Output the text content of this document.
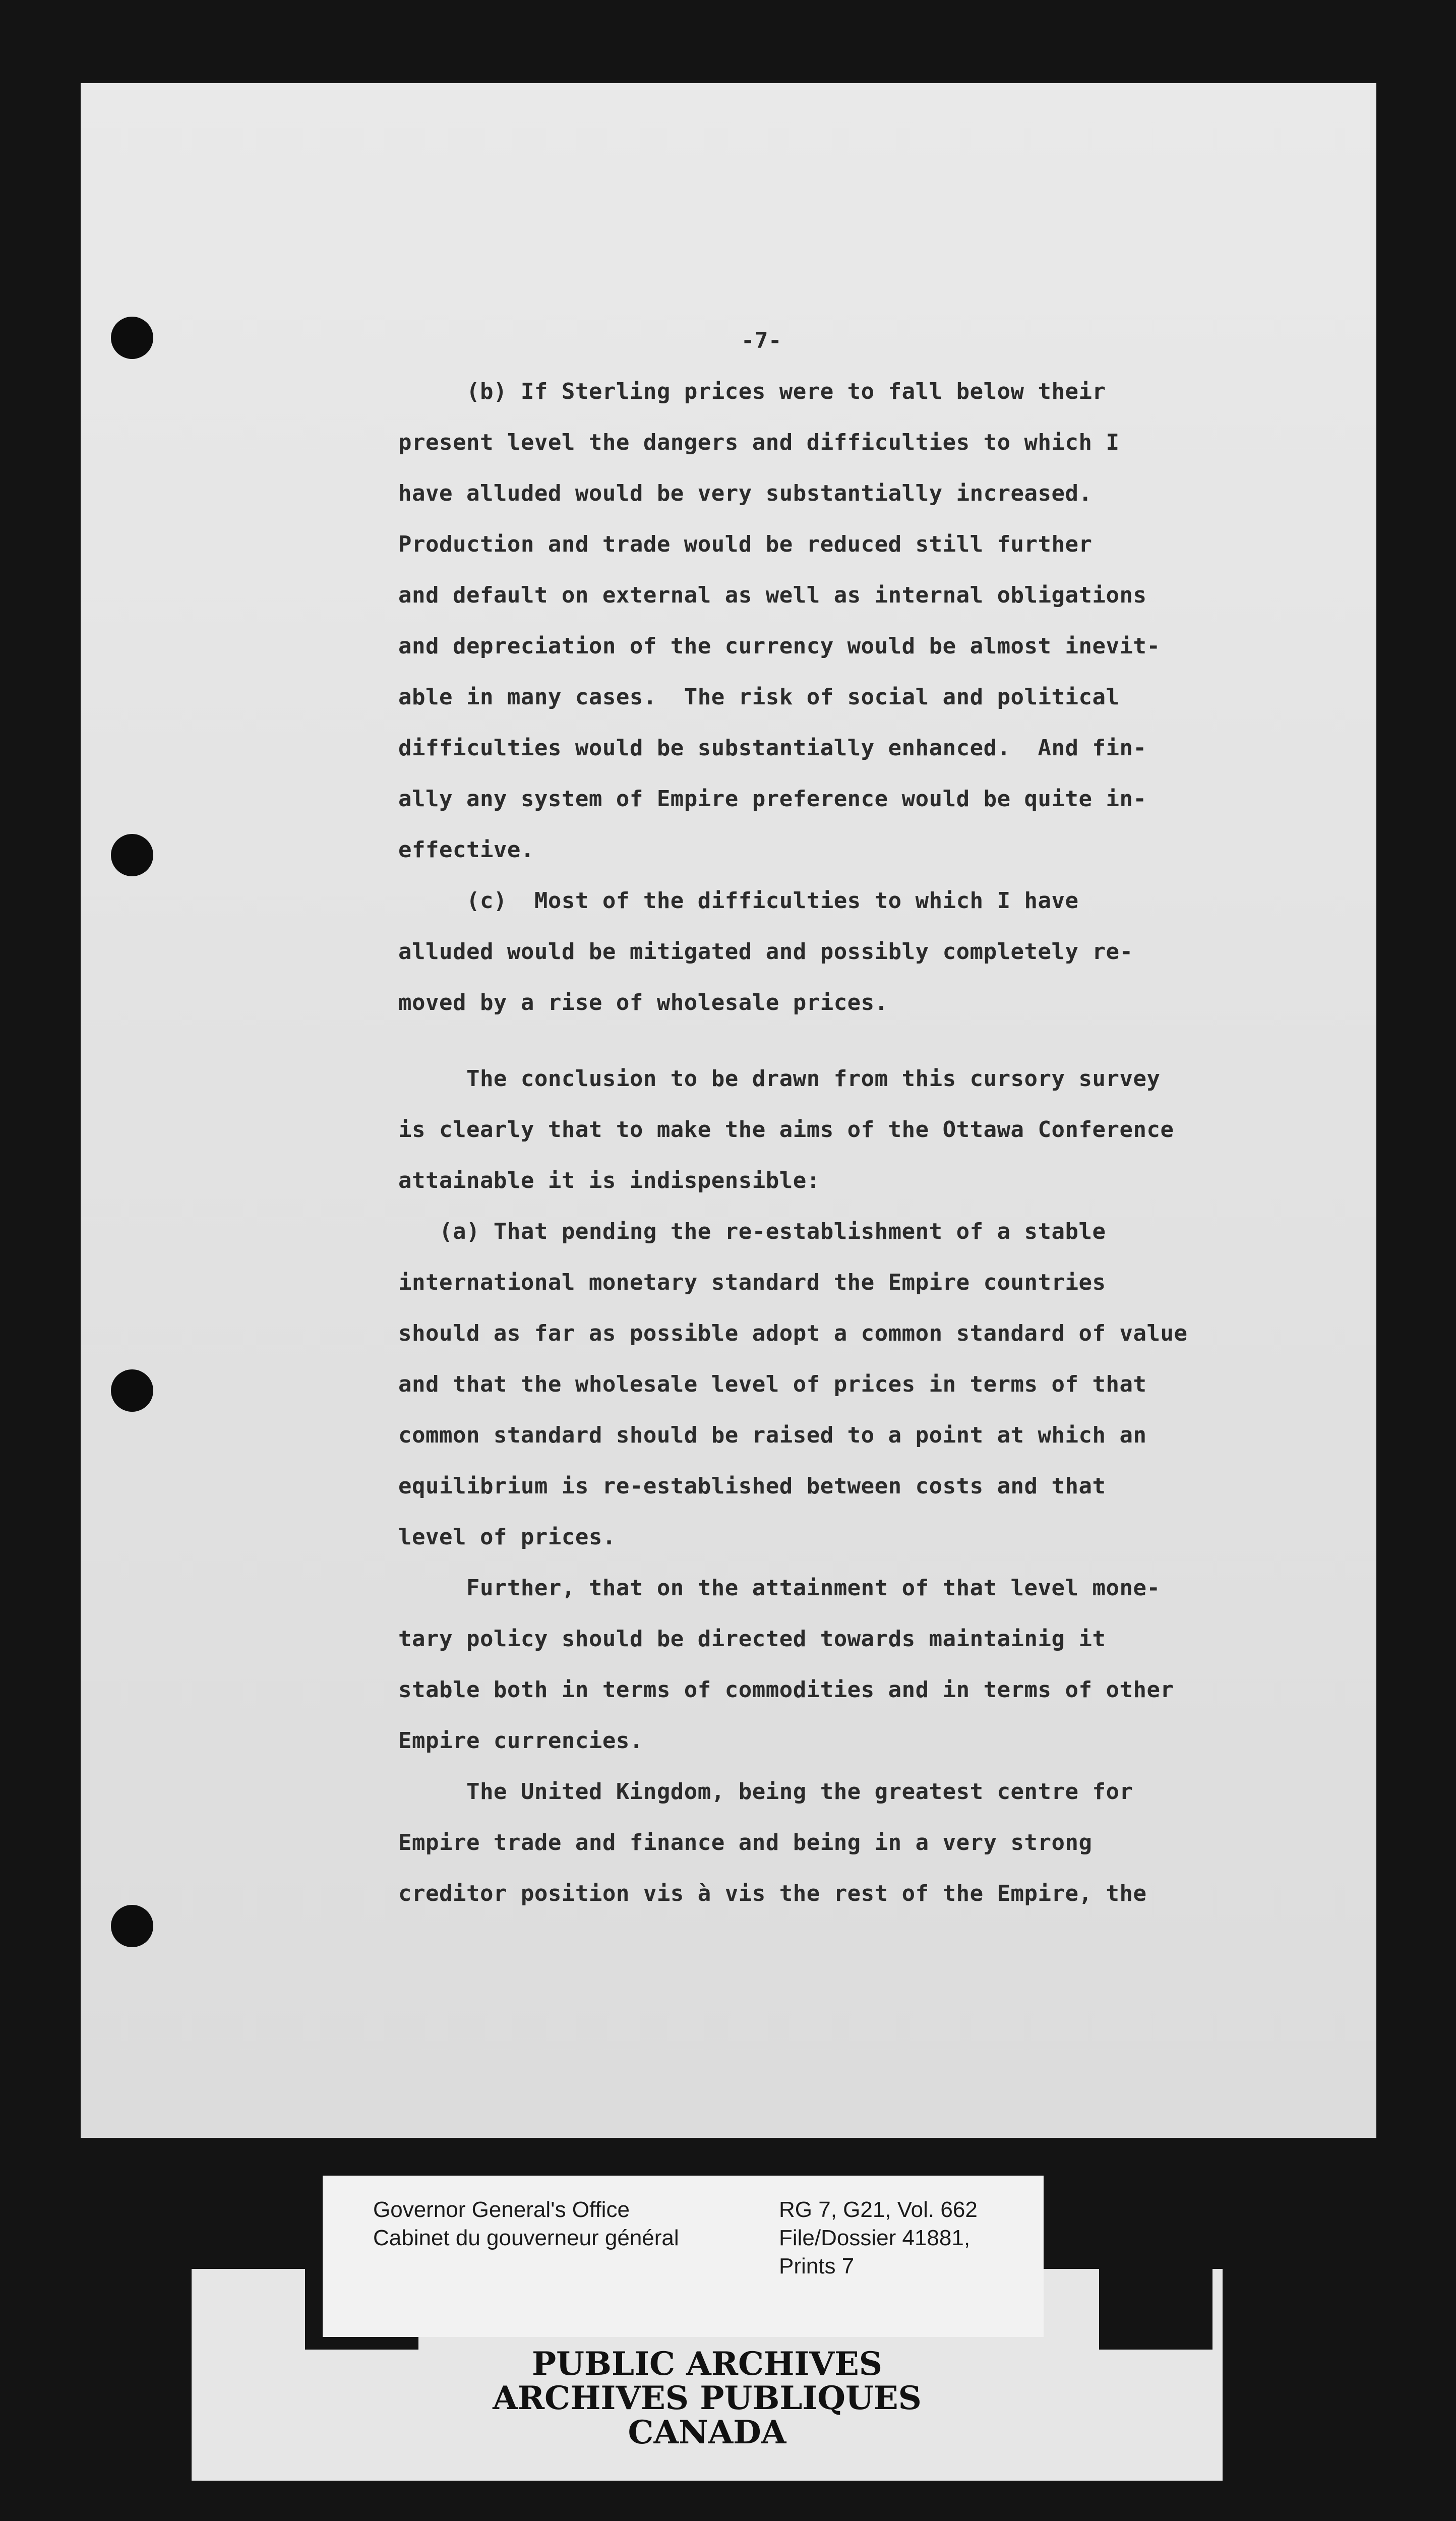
-7-
(b) If Sterling prices were to fall below their
present level the dangers and difficulties to which I
have alluded would be very substantially increased.
Production and trade would be reduced still further
and default on external as well as internal obligations
and depreciation of the currency would be almost inevit-
able in many cases.  The risk of social and political
difficulties would be substantially enhanced.  And fin-
ally any system of Empire preference would be quite in-
effective.
(c)  Most of the difficulties to which I have
alluded would be mitigated and possibly completely re-
moved by a rise of wholesale prices.
The conclusion to be drawn from this cursory survey
is clearly that to make the aims of the Ottawa Conference
attainable it is indispensible:
(a) That pending the re-establishment of a stable
international monetary standard the Empire countries
should as far as possible adopt a common standard of value
and that the wholesale level of prices in terms of that
common standard should be raised to a point at which an
equilibrium is re-established between costs and that
level of prices.
Further, that on the attainment of that level mone-
tary policy should be directed towards maintainig it
stable both in terms of commodities and in terms of other
Empire currencies.
The United Kingdom, being the greatest centre for
Empire trade and finance and being in a very strong
creditor position vis à vis the rest of the Empire, the
PUBLIC ARCHIVES
ARCHIVES PUBLIQUES
CANADA
Governor General's Office
Cabinet du gouverneur général
RG 7, G21, Vol. 662
File/Dossier 41881,
Prints 7
